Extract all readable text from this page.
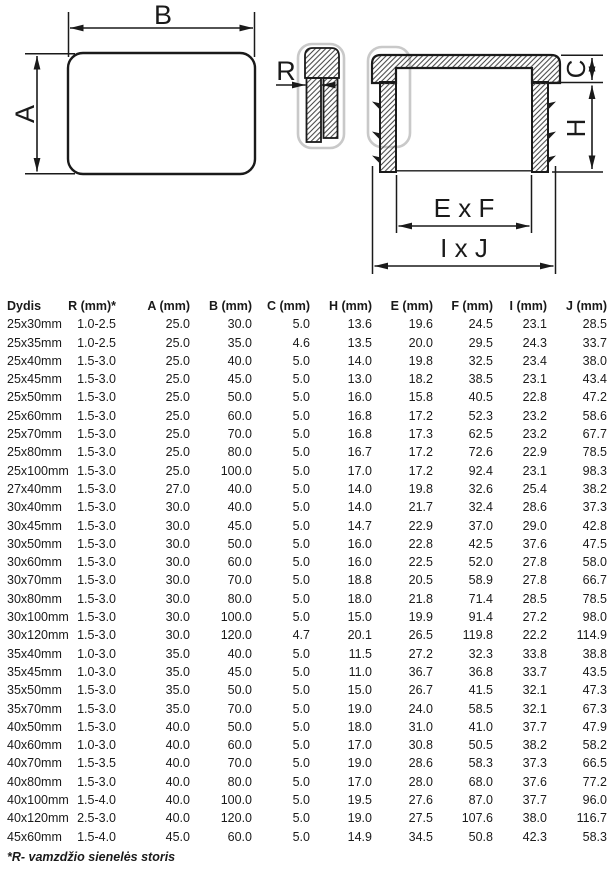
B
A
R	C
H
E x F
I x J
Dydis	R (mm)*	A (mm)	B (mm)	C (mm)	H (mm)	E (mm)	F (mm)	I (mm)	J (mm)
25x30mm	1.0-2.5	25.0	30.0	5.0	13.6	19.6	24.5	23.1	28.5
25x35mm	1.0-2.5	25.0	35.0	4.6	13.5	20.0	29.5	24.3	33.7
25x40mm	1.5-3.0	25.0	40.0	5.0	14.0	19.8	32.5	23.4	38.0
25x45mm	1.5-3.0	25.0	45.0	5.0	13.0	18.2	38.5	23.1	43.4
25x50mm	1.5-3.0	25.0	50.0	5.0	16.0	15.8	40.5	22.8	47.2
25x60mm	1.5-3.0	25.0	60.0	5.0	16.8	17.2	52.3	23.2	58.6
25x70mm	1.5-3.0	25.0	70.0	5.0	16.8	17.3	62.5	23.2	67.7
25x80mm	1.5-3.0	25.0	80.0	5.0	16.7	17.2	72.6	22.9	78.5
25x100mm	1.5-3.0	25.0	100.0	5.0	17.0	17.2	92.4	23.1	98.3
27x40mm	1.5-3.0	27.0	40.0	5.0	14.0	19.8	32.6	25.4	38.2
30x40mm	1.5-3.0	30.0	40.0	5.0	14.0	21.7	32.4	28.6	37.3
30x45mm	1.5-3.0	30.0	45.0	5.0	14.7	22.9	37.0	29.0	42.8
30x50mm	1.5-3.0	30.0	50.0	5.0	16.0	22.8	42.5	37.6	47.5
30x60mm	1.5-3.0	30.0	60.0	5.0	16.0	22.5	52.0	27.8	58.0
30x70mm	1.5-3.0	30.0	70.0	5.0	18.8	20.5	58.9	27.8	66.7
30x80mm	1.5-3.0	30.0	80.0	5.0	18.0	21.8	71.4	28.5	78.5
30x100mm	1.5-3.0	30.0	100.0	5.0	15.0	19.9	91.4	27.2	98.0
30x120mm	1.5-3.0	30.0	120.0	4.7	20.1	26.5	119.8	22.2	114.9
35x40mm	1.0-3.0	35.0	40.0	5.0	11.5	27.2	32.3	33.8	38.8
35x45mm	1.0-3.0	35.0	45.0	5.0	11.0	36.7	36.8	33.7	43.5
35x50mm	1.5-3.0	35.0	50.0	5.0	15.0	26.7	41.5	32.1	47.3
35x70mm	1.5-3.0	35.0	70.0	5.0	19.0	24.0	58.5	32.1	67.3
40x50mm	1.5-3.0	40.0	50.0	5.0	18.0	31.0	41.0	37.7	47.9
40x60mm	1.0-3.0	40.0	60.0	5.0	17.0	30.8	50.5	38.2	58.2
40x70mm	1.5-3.5	40.0	70.0	5.0	19.0	28.6	58.3	37.3	66.5
40x80mm	1.5-3.0	40.0	80.0	5.0	17.0	28.0	68.0	37.6	77.2
40x100mm	1.5-4.0	40.0	100.0	5.0	19.5	27.6	87.0	37.7	96.0
40x120mm	2.5-3.0	40.0	120.0	5.0	19.0	27.5	107.6	38.0	116.7
45x60mm	1.5-4.0	45.0	60.0	5.0	14.9	34.5	50.8	42.3	58.3
*R- vamzdžio sienelės storis
